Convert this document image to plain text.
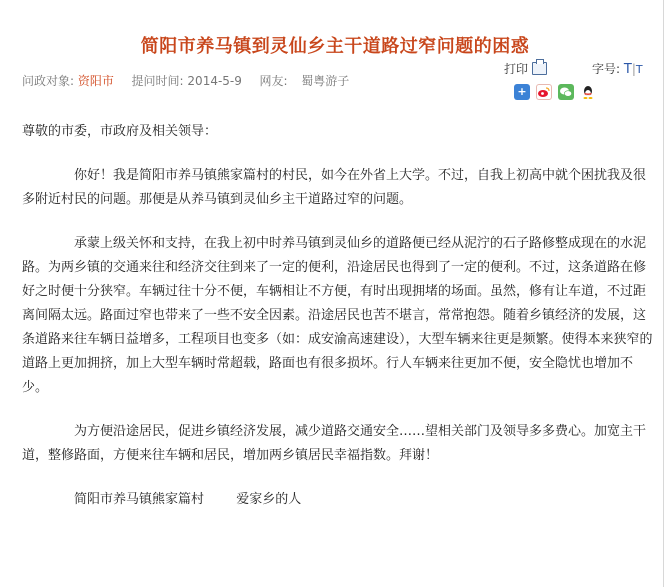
简阳市养马镇到灵仙乡主干道路过窄问题的困惑
问政对象: 资阳市 提问时间: 2014-5-9 网友: 蜀粤游子
打印	字号: T|T
+

尊敬的市委，市政府及相关领导：

你好！我是简阳市养马镇熊家篇村的村民，如今在外省上大学。不过，自我上初高中就个困扰我及很多附近村民的问题。那便是从养马镇到灵仙乡主干道路过窄的问题。

承蒙上级关怀和支持，在我上初中时养马镇到灵仙乡的道路便已经从泥泞的石子路修整成现在的水泥路。为两乡镇的交通来往和经济交往到来了一定的便利，沿途居民也得到了一定的便利。不过，这条道路在修好之时便十分狭窄。车辆过往十分不便，车辆相让不方便，有时出现拥堵的场面。虽然，修有让车道，不过距离间隔太远。路面过窄也带来了一些不安全因素。沿途居民也苦不堪言，常常抱怨。随着乡镇经济的发展，这条道路来往车辆日益增多，工程项目也变多（如：成安渝高速建设），大型车辆来往更是频繁。使得本来狭窄的道路上更加拥挤，加上大型车辆时常超载，路面也有很多损坏。行人车辆来往更加不便，安全隐忧也增加不少。

为方便沿途居民，促进乡镇经济发展，减少道路交通安全……望相关部门及领导多多费心。加宽主干道，整修路面，方便来往车辆和居民，增加两乡镇居民幸福指数。拜谢！

简阳市养马镇熊家篇村 爱家乡的人
